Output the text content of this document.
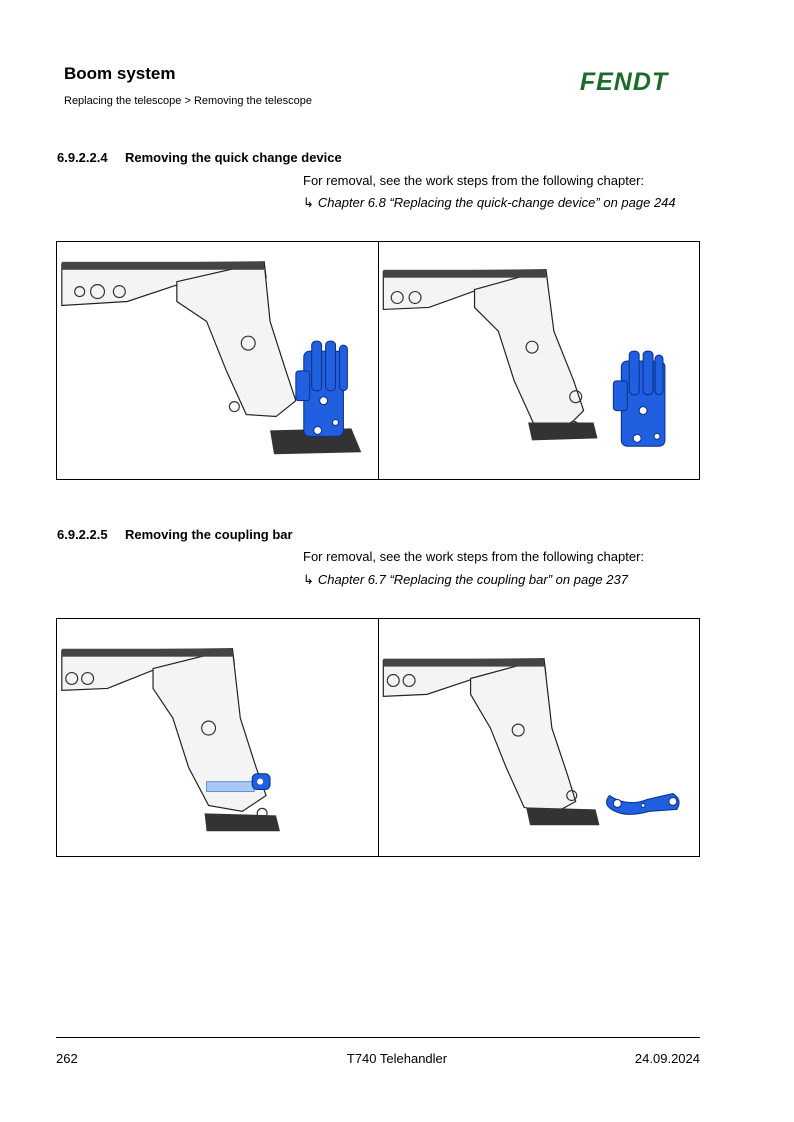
Boom system
Replacing the telescope > Removing the telescope
FENDT
6.9.2.2.4 Removing the quick change device
For removal, see the work steps from the following chapter:
↳ Chapter 6.8 “Replacing the quick-change device” on page 244
6.9.2.2.5 Removing the coupling bar
For removal, see the work steps from the following chapter:
↳ Chapter 6.7 “Replacing the coupling bar” on page 237
262	T740 Telehandler	24.09.2024
